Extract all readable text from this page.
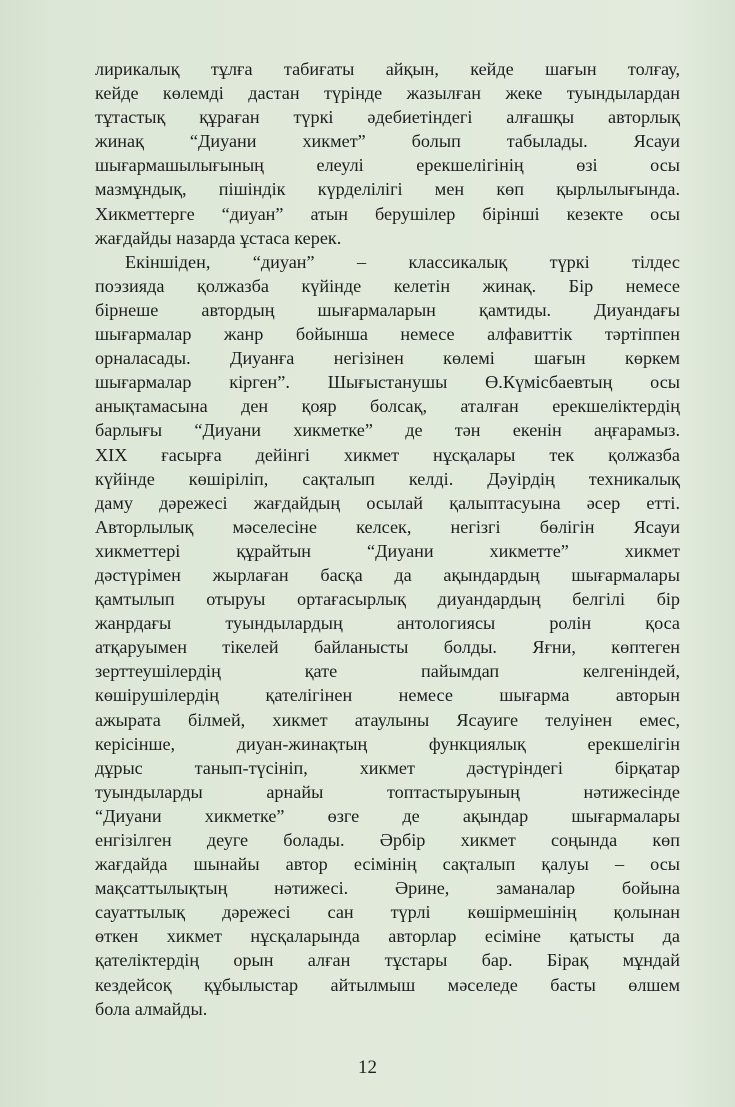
лирикалық тұлға табиғаты айқын, кейде шағын толғау,
кейде көлемді дастан түрінде жазылған жеке туындылардан
тұтастық құраған түркі әдебиетіндегі алғашқы авторлық
жинақ “Диуани хикмет” болып табылады. Ясауи
шығармашылығының елеулі ерекшелігінің өзі осы
мазмұндық, пішіндік күрделілігі мен көп қырлылығында.
Хикметтерге “диуан” атын берушілер бірінші кезекте осы
жағдайды назарда ұстаса керек.

Екіншіден, “диуан” – классикалық түркі тілдес
поэзияда қолжазба күйінде келетін жинақ. Бір немесе
бірнеше автордың шығармаларын қамтиды. Диуандағы
шығармалар жанр бойынша немесе алфавиттік тәртіппен
орналасады. Диуанға негізінен көлемі шағын көркем
шығармалар кірген”. Шығыстанушы Ө.Күмісбаевтың осы
анықтамасына ден қояр болсақ, аталған ерекшеліктердің
барлығы “Диуани хикметке” де тән екенін аңғарамыз.
XIX ғасырға дейінгі хикмет нұсқалары тек қолжазба
күйінде көшіріліп, сақталып келді. Дәуірдің техникалық
даму дәрежесі жағдайдың осылай қалыптасуына әсер етті.
Авторлылық мәселесіне келсек, негізгі бөлігін Ясауи
хикметтері құрайтын “Диуани хикметте” хикмет
дәстүрімен жырлаған басқа да ақындардың шығармалары
қамтылып отыруы ортағасырлық диуандардың белгілі бір
жанрдағы туындылардың антологиясы ролін қоса
атқаруымен тікелей байланысты болды. Яғни, көптеген
зерттеушілердің қате пайымдап келгеніндей,
көшірушілердің қателігінен немесе шығарма авторын
ажырата білмей, хикмет атаулыны Ясауиге телуінен емес,
керісінше, диуан-жинақтың функциялық ерекшелігін
дұрыс танып-түсініп, хикмет дәстүріндегі бірқатар
туындыларды арнайы топтастыруының нәтижесінде
“Диуани хикметке” өзге де ақындар шығармалары
енгізілген деуге болады. Әрбір хикмет соңында көп
жағдайда шынайы автор есімінің сақталып қалуы – осы
мақсаттылықтың нәтижесі. Әрине, заманалар бойына
сауаттылық дәрежесі сан түрлі көшірмешінің қолынан
өткен хикмет нұсқаларында авторлар есіміне қатысты да
қателіктердің орын алған тұстары бар. Бірақ мұндай
кездейсоқ құбылыстар айтылмыш мәселеде басты өлшем
бола алмайды.

12
